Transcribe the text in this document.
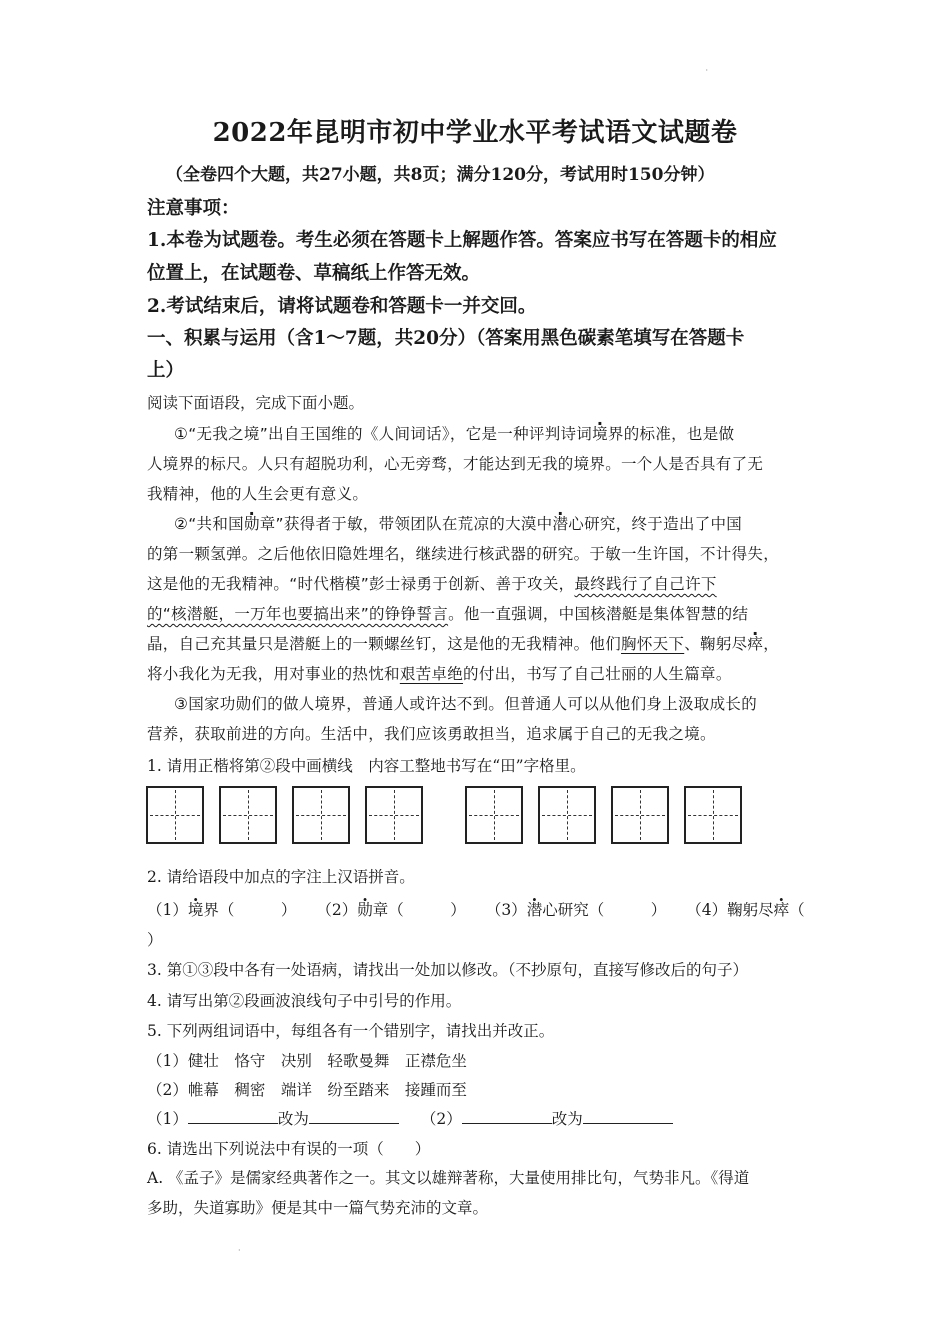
·
2022年昆明市初中学业水平考试语文试题卷
（全卷四个大题，共27小题，共8页；满分120分，考试用时150分钟）
注意事项：
1.本卷为试题卷。考生必须在答题卡上解题作答。答案应书写在答题卡的相应
位置上，在试题卷、草稿纸上作答无效。
2.考试结束后，请将试题卷和答题卡一并交回。
一、积累与运用（含1～7题，共20分）（答案用黑色碳素笔填写在答题卡
上）
阅读下面语段，完成下面小题。
①“无我之境”出自王国维的《人间词话》，它是一种评判诗词境界的标准，也是做
人境界的标尺。人只有超脱功利，心无旁骛，才能达到无我的境界。一个人是否具有了无
我精神，他的人生会更有意义。
②“共和国勋章”获得者于敏，带领团队在荒凉的大漠中潜心研究，终于造出了中国
的第一颗氢弹。之后他依旧隐姓埋名，继续进行核武器的研究。于敏一生许国，不计得失，
这是他的无我精神。“时代楷模”彭士禄勇于创新、善于攻关，最终践行了自己许下
的“核潜艇，一万年也要搞出来”的铮铮誓言。他一直强调，中国核潜艇是集体智慧的结
晶，自己充其量只是潜艇上的一颗螺丝钉，这是他的无我精神。他们胸怀天下、鞠躬尽瘁，
将小我化为无我，用对事业的热忱和艰苦卓绝的付出，书写了自己壮丽的人生篇章。
③国家功勋们的做人境界，普通人或许达不到。但普通人可以从他们身上汲取成长的
营养，获取前进的方向。生活中，我们应该勇敢担当，追求属于自己的无我之境。
1. 请用正楷将第②段中画横线　内容工整地书写在“田”字格里。
2. 请给语段中加点的字注上汉语拼音。
（1）境界（　　　） （2）勋章（　　　） （3）潜心研究（　　　） （4）鞠躬尽瘁（
）
3. 第①③段中各有一处语病，请找出一处加以修改。（不抄原句，直接写修改后的句子）
4. 请写出第②段画波浪线句子中引号的作用。
5. 下列两组词语中，每组各有一个错别字，请找出并改正。
（1）健壮　恪守　决别　轻歌曼舞　正襟危坐
（2）帷幕　稠密　端详　纷至踏来　接踵而至
（1）	改为	（2）	改为
6. 请选出下列说法中有误的一项（　　）
A. 《孟子》是儒家经典著作之一。其文以雄辩著称，大量使用排比句，气势非凡。《得道
多助，失道寡助》便是其中一篇气势充沛的文章。
·
